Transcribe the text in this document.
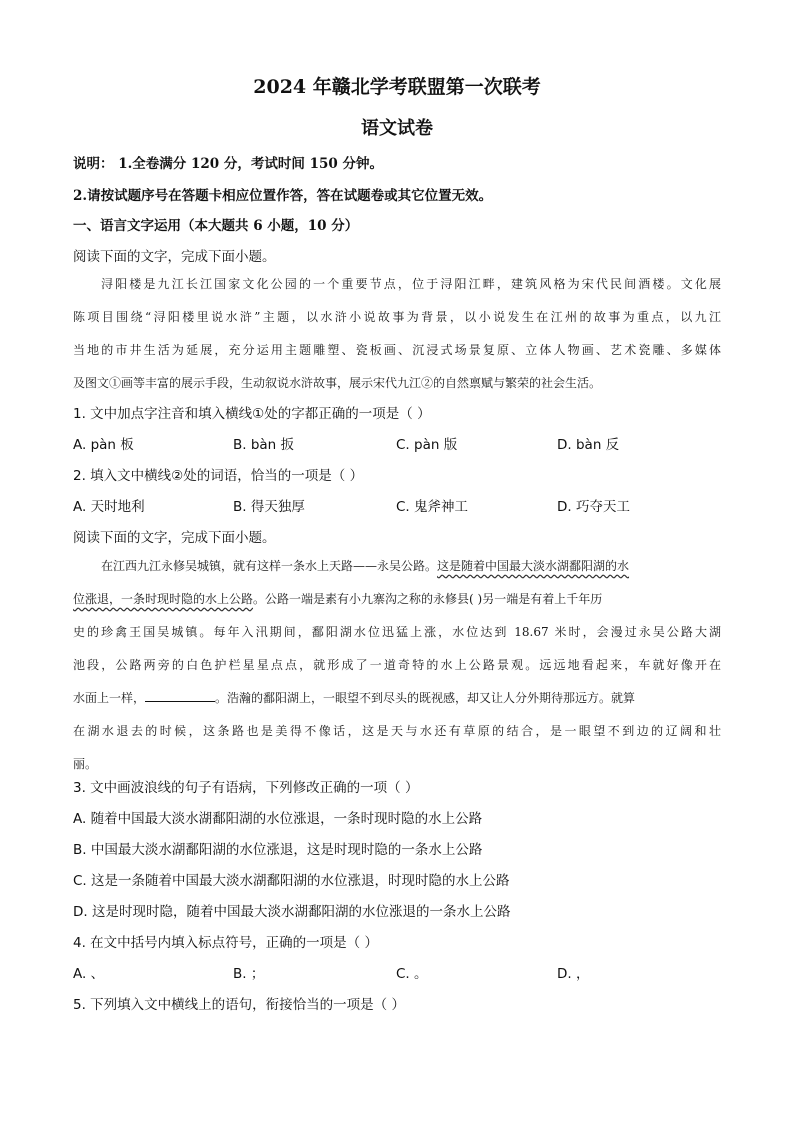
2024 年赣北学考联盟第一次联考
语文试卷
说明： 1.全卷满分 120 分，考试时间 150 分钟。
2.请按试题序号在答题卡相应位置作答，答在试题卷或其它位置无效。
一、语言文字运用（本大题共 6 小题，10 分）
阅读下面的文字，完成下面小题。
浔阳楼是九江长江国家文化公园的一个重要节点，位于浔阳江畔，建筑风格为宋代民间酒楼。文化展
陈项目围绕“浔阳楼里说水浒”主题，以水浒小说故事为背景，以小说发生在江州的故事为重点，以九江
当地的市井生活为延展，充分运用主题雕塑、瓷板画、沉浸式场景复原、立体人物画、艺术瓷雕、多媒体
及图文①画等丰富的展示手段，生动叙说水浒故事，展示宋代九江②的自然禀赋与繁荣的社会生活。
1. 文中加点字注音和填入横线①处的字都正确的一项是（ ）
A. pàn 板	B. bàn 扳	C. pàn 版	D. bàn 反
2. 填入文中横线②处的词语，恰当的一项是（ ）
A. 天时地利	B. 得天独厚	C. 鬼斧神工	D. 巧夺天工
阅读下面的文字，完成下面小题。
在江西九江永修吴城镇，就有这样一条水上天路——永吴公路。这是随着中国最大淡水湖鄱阳湖的水
位涨退，一条时现时隐的水上公路。公路一端是素有小九寨沟之称的永修县( )另一端是有着上千年历
史的珍禽王国吴城镇。每年入汛期间，鄱阳湖水位迅猛上涨，水位达到 18.67 米时，会漫过永吴公路大湖
池段，公路两旁的白色护栏星星点点，就形成了一道奇特的水上公路景观。远远地看起来，车就好像开在
水面上一样，	。浩瀚的鄱阳湖上，一眼望不到尽头的既视感，却又让人分外期待那远方。就算
在湖水退去的时候，这条路也是美得不像话，这是天与水还有草原的结合，是一眼望不到边的辽阔和壮
丽。
3. 文中画波浪线的句子有语病，下列修改正确的一项（ ）
A. 随着中国最大淡水湖鄱阳湖的水位涨退，一条时现时隐的水上公路
B. 中国最大淡水湖鄱阳湖的水位涨退，这是时现时隐的一条水上公路
C. 这是一条随着中国最大淡水湖鄱阳湖的水位涨退，时现时隐的水上公路
D. 这是时现时隐，随着中国最大淡水湖鄱阳湖的水位涨退的一条水上公路
4. 在文中括号内填入标点符号，正确的一项是（ ）
A. 、	B. ；	C. 。	D. ，
5. 下列填入文中横线上的语句，衔接恰当的一项是（ ）
